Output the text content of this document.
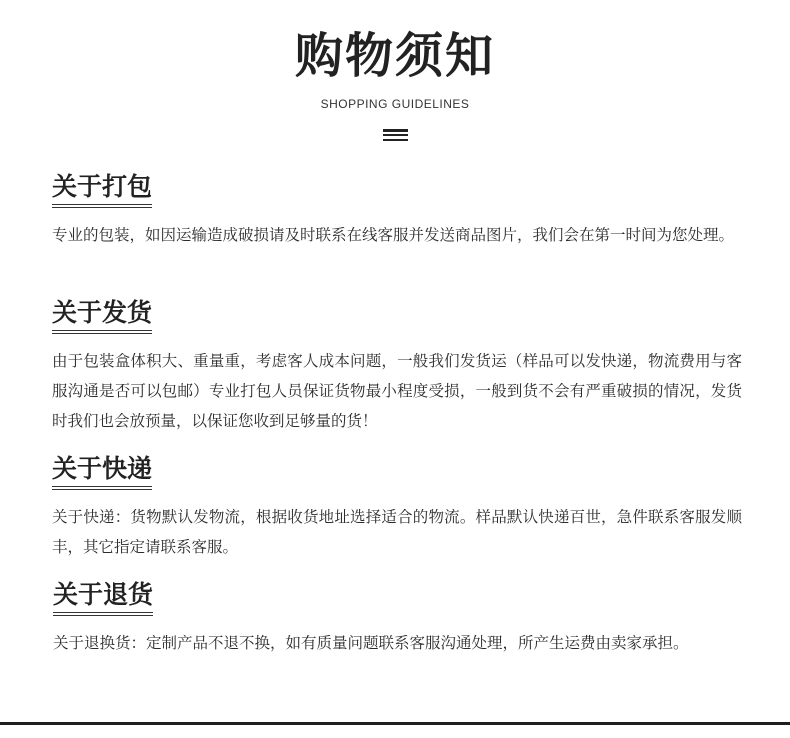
购物须知
SHOPPING GUIDELINES
关于打包
专业的包装，如因运输造成破损请及时联系在线客服并发送商品图片，我们会在第一时间为您处理。
关于发货
由于包装盒体积大、重量重，考虑客人成本问题，一般我们发货运（样品可以发快递，物流费用与客服沟通是否可以包邮）专业打包人员保证货物最小程度受损，一般到货不会有严重破损的情况，发货时我们也会放预量，以保证您收到足够量的货！
关于快递
关于快递：货物默认发物流，根据收货地址选择适合的物流。样品默认快递百世，急件联系客服发顺丰，其它指定请联系客服。
关于退货
关于退换货：定制产品不退不换，如有质量问题联系客服沟通处理，所产生运费由卖家承担。
